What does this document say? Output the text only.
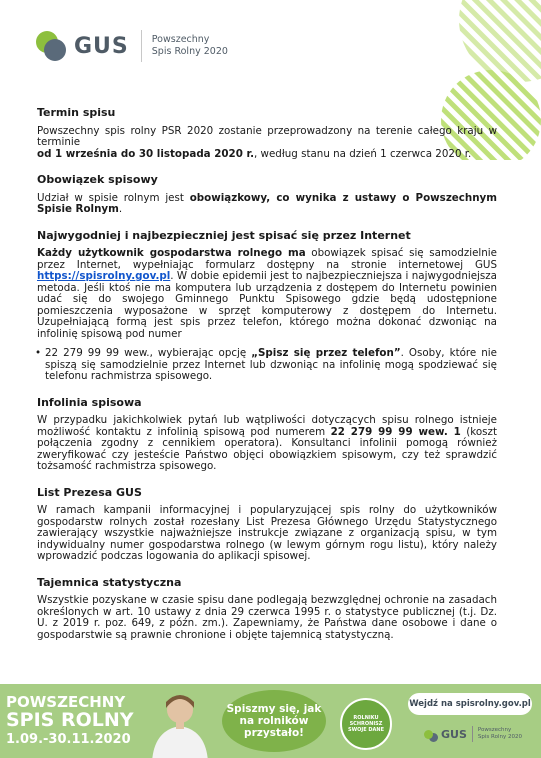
GUS Powszechny
Spis Rolny 2020
Termin spisu

Powszechny spis rolny PSR 2020 zostanie przeprowadzony na terenie całego kraju w terminie
od 1 września do 30 listopada 2020 r., według stanu na dzień 1 czerwca 2020 r.

Obowiązek spisowy

Udział w spisie rolnym jest obowiązkowy, co wynika z ustawy o Powszechnym Spisie Rolnym.

Najwygodniej i najbezpieczniej jest spisać się przez Internet

Każdy użytkownik gospodarstwa rolnego ma obowiązek spisać się samodzielnie przez Internet, wypełniając formularz dostępny na stronie internetowej GUS https://spisrolny.gov.pl. W dobie epidemii jest to najbezpieczniejsza i najwygodniejsza metoda. Jeśli ktoś nie ma komputera lub urządzenia z dostępem do Internetu powinien udać się do swojego Gminnego Punktu Spisowego gdzie będą udostępnione pomieszczenia wyposażone w sprzęt komputerowy z dostępem do Internetu. Uzupełniającą formą jest spis przez telefon, którego można dokonać dzwoniąc na infolinię spisową pod numer

• 22 279 99 99 wew., wybierając opcję „Spisz się przez telefon”. Osoby, które nie spiszą się samodzielnie przez Internet lub dzwoniąc na infolinię mogą spodziewać się telefonu rachmistrza spisowego.

Infolinia spisowa

W przypadku jakichkolwiek pytań lub wątpliwości dotyczących spisu rolnego istnieje możliwość kontaktu z infolinią spisową pod numerem 22 279 99 99 wew. 1 (koszt połączenia zgodny z cennikiem operatora). Konsultanci infolinii pomogą również zweryfikować czy jesteście Państwo objęci obowiązkiem spisowym, czy też sprawdzić tożsamość rachmistrza spisowego.

List Prezesa GUS

W ramach kampanii informacyjnej i popularyzującej spis rolny do użytkowników gospodarstw rolnych został rozesłany List Prezesa Głównego Urzędu Statystycznego zawierający wszystkie najważniejsze instrukcje związane z organizacją spisu, w tym indywidualny numer gospodarstwa rolnego (w lewym górnym rogu listu), który należy wprowadzić podczas logowania do aplikacji spisowej.

Tajemnica statystyczna

Wszystkie pozyskane w czasie spisu dane podlegają bezwzględnej ochronie na zasadach określonych w art. 10 ustawy z dnia 29 czerwca 1995 r. o statystyce publicznej (t.j. Dz. U. z 2019 r. poz. 649, z późn. zm.). Zapewniamy, że Państwa dane osobowe i dane o gospodarstwie są prawnie chronione i objęte tajemnicą statystyczną.

POWSZECHNY
SPIS ROLNY
1.09.-30.11.2020
Spiszmy się, jak na rolników przystało!
ROLNIKU SCHRONISZ SWOJE DANE
Wejdź na spisrolny.gov.pl
GUS Powszechny
Spis Rolny 2020
